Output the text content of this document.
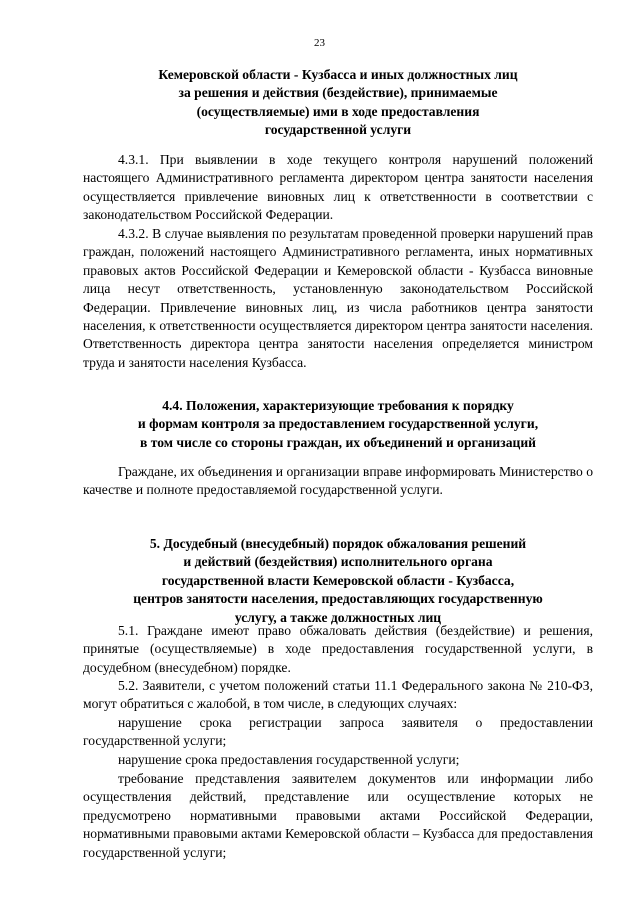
23
Кемеровской области - Кузбасса и иных должностных лиц
за решения и действия (бездействие), принимаемые
(осуществляемые) ими в ходе предоставления
государственной услуги

4.3.1. При выявлении в ходе текущего контроля нарушений положений настоящего Административного регламента директором центра занятости населения осуществляется привлечение виновных лиц к ответственности в соответствии с законодательством Российской Федерации.

4.3.2. В случае выявления по результатам проведенной проверки нарушений прав граждан, положений настоящего Административного регламента, иных нормативных правовых актов Российской Федерации и Кемеровской области - Кузбасса виновные лица несут ответственность, установленную законодательством Российской Федерации. Привлечение виновных лиц, из числа работников центра занятости населения, к ответственности осуществляется директором центра занятости населения. Ответственность директора центра занятости населения определяется министром труда и занятости населения Кузбасса.

4.4. Положения, характеризующие требования к порядку
и формам контроля за предоставлением государственной услуги,
в том числе со стороны граждан, их объединений и организаций

Граждане, их объединения и организации вправе информировать Министерство о качестве и полноте предоставляемой государственной услуги.

5. Досудебный (внесудебный) порядок обжалования решений
и действий (бездействия) исполнительного органа
государственной власти Кемеровской области - Кузбасса,
центров занятости населения, предоставляющих государственную
услугу, а также должностных лиц

5.1. Граждане имеют право обжаловать действия (бездействие) и решения, принятые (осуществляемые) в ходе предоставления государственной услуги, в досудебном (внесудебном) порядке.

5.2. Заявители, с учетом положений статьи 11.1 Федерального закона № 210-ФЗ, могут обратиться с жалобой, в том числе, в следующих случаях:

нарушение срока регистрации запроса заявителя о предоставлении государственной услуги;

нарушение срока предоставления государственной услуги;

требование представления заявителем документов или информации либо осуществления действий, представление или осуществление которых не предусмотрено нормативными правовыми актами Российской Федерации, нормативными правовыми актами Кемеровской области – Кузбасса для предоставления государственной услуги;
